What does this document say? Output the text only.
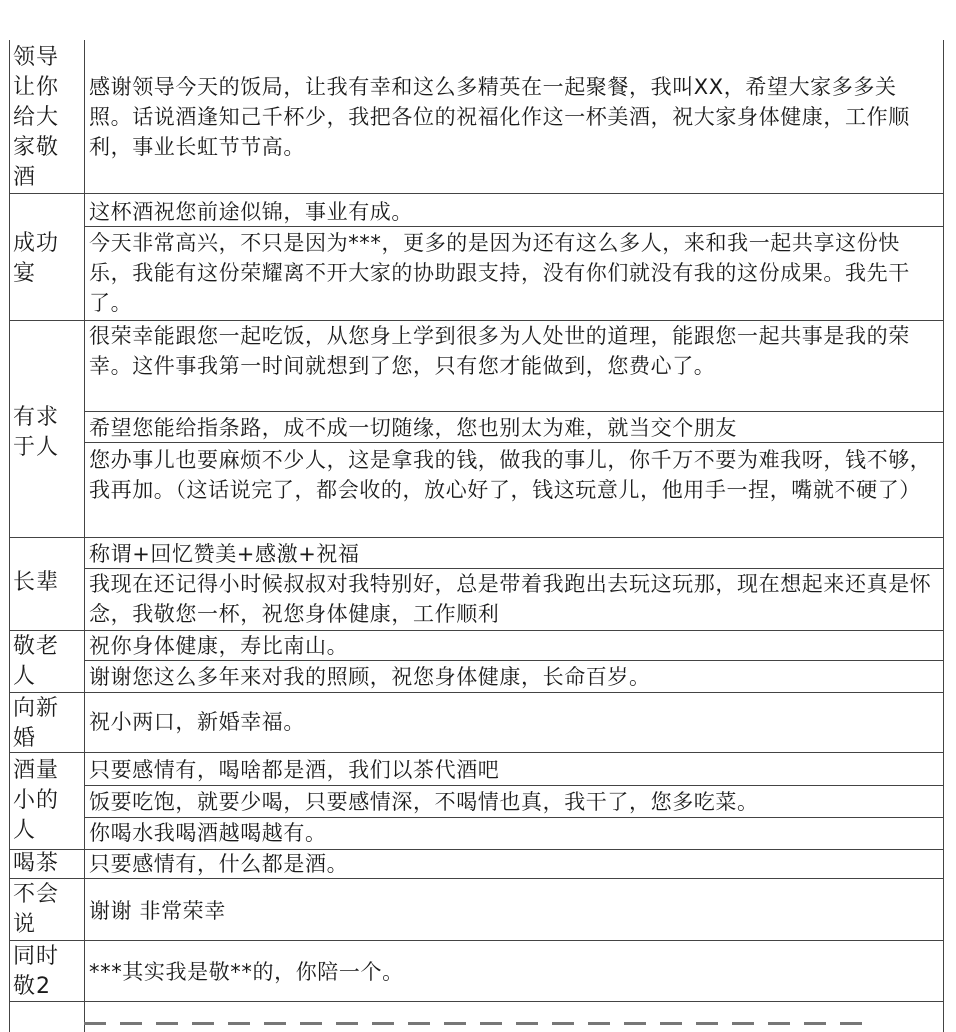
领导
让你
给大
家敬
酒
感谢领导今天的饭局，让我有幸和这么多精英在一起聚餐，我叫XX，希望大家多多关照。话说酒逢知己千杯少，我把各位的祝福化作这一杯美酒，祝大家身体健康，工作顺利，事业长虹节节高。
成功
宴
这杯酒祝您前途似锦，事业有成。
今天非常高兴，不只是因为***，更多的是因为还有这么多人，来和我一起共享这份快乐，我能有这份荣耀离不开大家的协助跟支持，没有你们就没有我的这份成果。我先干了。
有求
于人
很荣幸能跟您一起吃饭，从您身上学到很多为人处世的道理，能跟您一起共事是我的荣幸。这件事我第一时间就想到了您，只有您才能做到，您费心了。
希望您能给指条路，成不成一切随缘，您也别太为难，就当交个朋友
您办事儿也要麻烦不少人，这是拿我的钱，做我的事儿，你千万不要为难我呀，钱不够，我再加。（这话说完了，都会收的，放心好了，钱这玩意儿，他用手一捏，嘴就不硬了）
长辈
称谓+回忆赞美+感激+祝福
我现在还记得小时候叔叔对我特别好，总是带着我跑出去玩这玩那，现在想起来还真是怀念，我敬您一杯，祝您身体健康，工作顺利
敬老
人
祝你身体健康，寿比南山。
谢谢您这么多年来对我的照顾，祝您身体健康，长命百岁。
向新
婚
祝小两口，新婚幸福。
酒量
小的
人
只要感情有，喝啥都是酒，我们以茶代酒吧
饭要吃饱，就要少喝，只要感情深，不喝情也真，我干了，您多吃菜。
你喝水我喝酒越喝越有。
喝茶	只要感情有，什么都是酒。
不会
说
谢谢 非常荣幸
同时
敬2
***其实我是敬**的，你陪一个。
